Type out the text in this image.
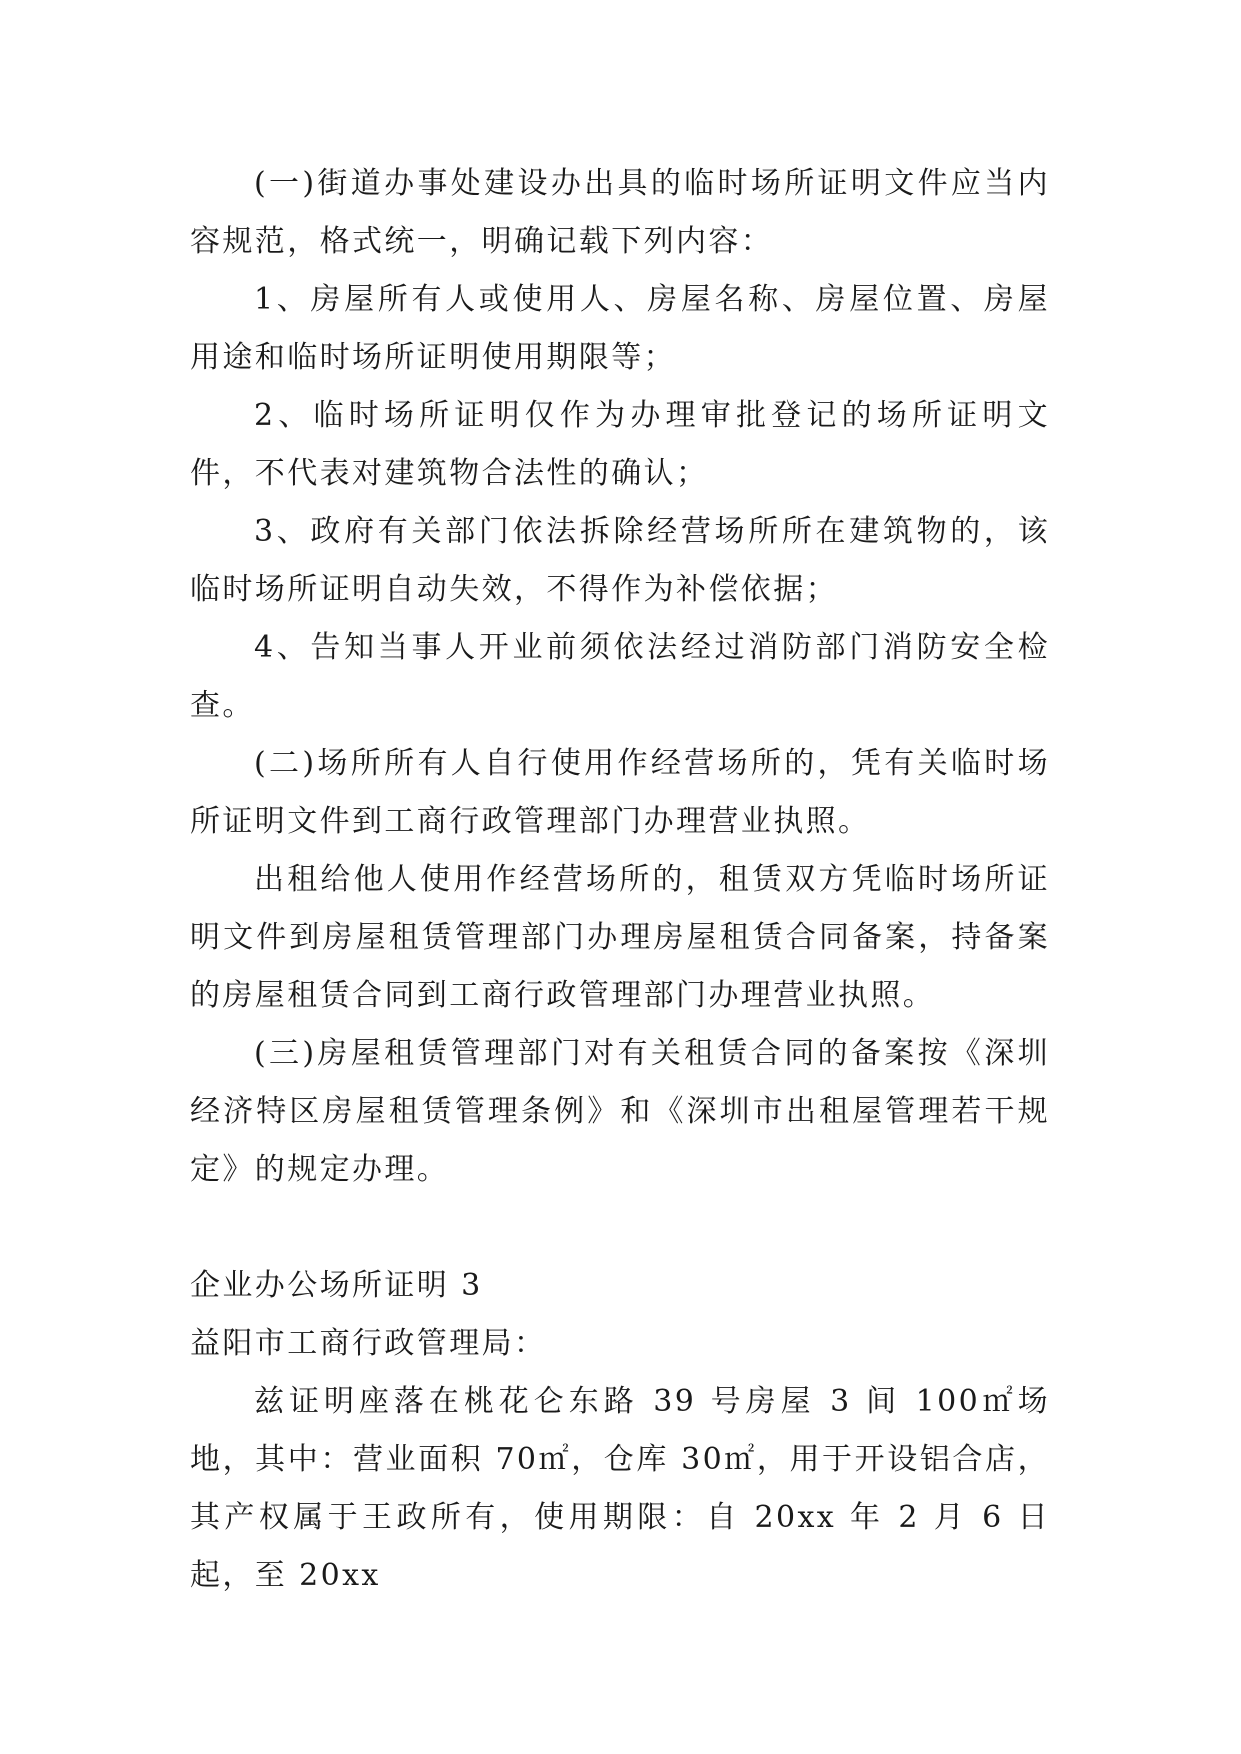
(一)街道办事处建设办出具的临时场所证明文件应当内容规范，格式统一，明确记载下列内容：

1、房屋所有人或使用人、房屋名称、房屋位置、房屋用途和临时场所证明使用期限等；

2、临时场所证明仅作为办理审批登记的场所证明文件，不代表对建筑物合法性的确认；

3、政府有关部门依法拆除经营场所所在建筑物的，该临时场所证明自动失效，不得作为补偿依据；

4、告知当事人开业前须依法经过消防部门消防安全检查。

(二)场所所有人自行使用作经营场所的，凭有关临时场所证明文件到工商行政管理部门办理营业执照。

出租给他人使用作经营场所的，租赁双方凭临时场所证明文件到房屋租赁管理部门办理房屋租赁合同备案，持备案的房屋租赁合同到工商行政管理部门办理营业执照。

(三)房屋租赁管理部门对有关租赁合同的备案按《深圳经济特区房屋租赁管理条例》和《深圳市出租屋管理若干规定》的规定办理。

企业办公场所证明 3

益阳市工商行政管理局：

兹证明座落在桃花仑东路 39 号房屋 3 间 100㎡场地，其中：营业面积 70㎡，仓库 30㎡，用于开设铝合店，其产权属于王政所有，使用期限：自 20xx 年 2 月 6 日起，至 20xx
